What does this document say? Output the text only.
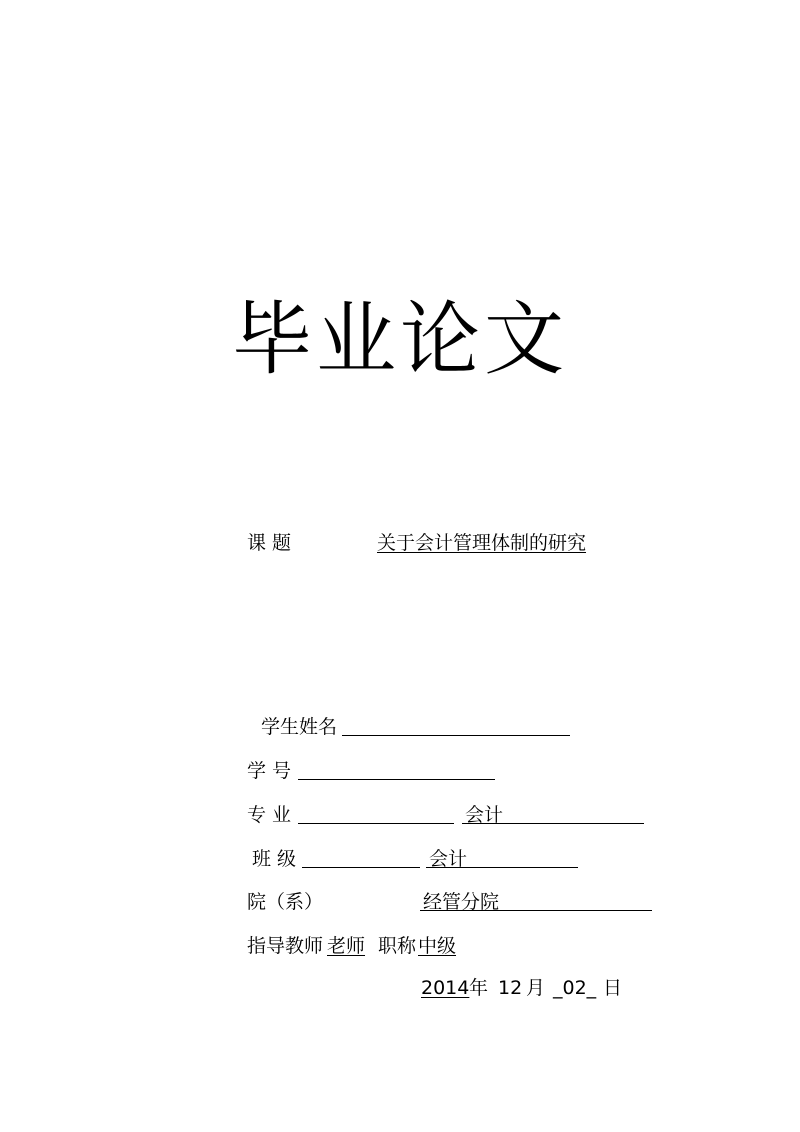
毕业论文
课 题	关于会计管理体制的研究
学生姓名
学 号
专 业	会计
班 级	会计
院（系）	经管分院
指导教师 老师 职称 中级
2014 年 12 月 _02_ 日
